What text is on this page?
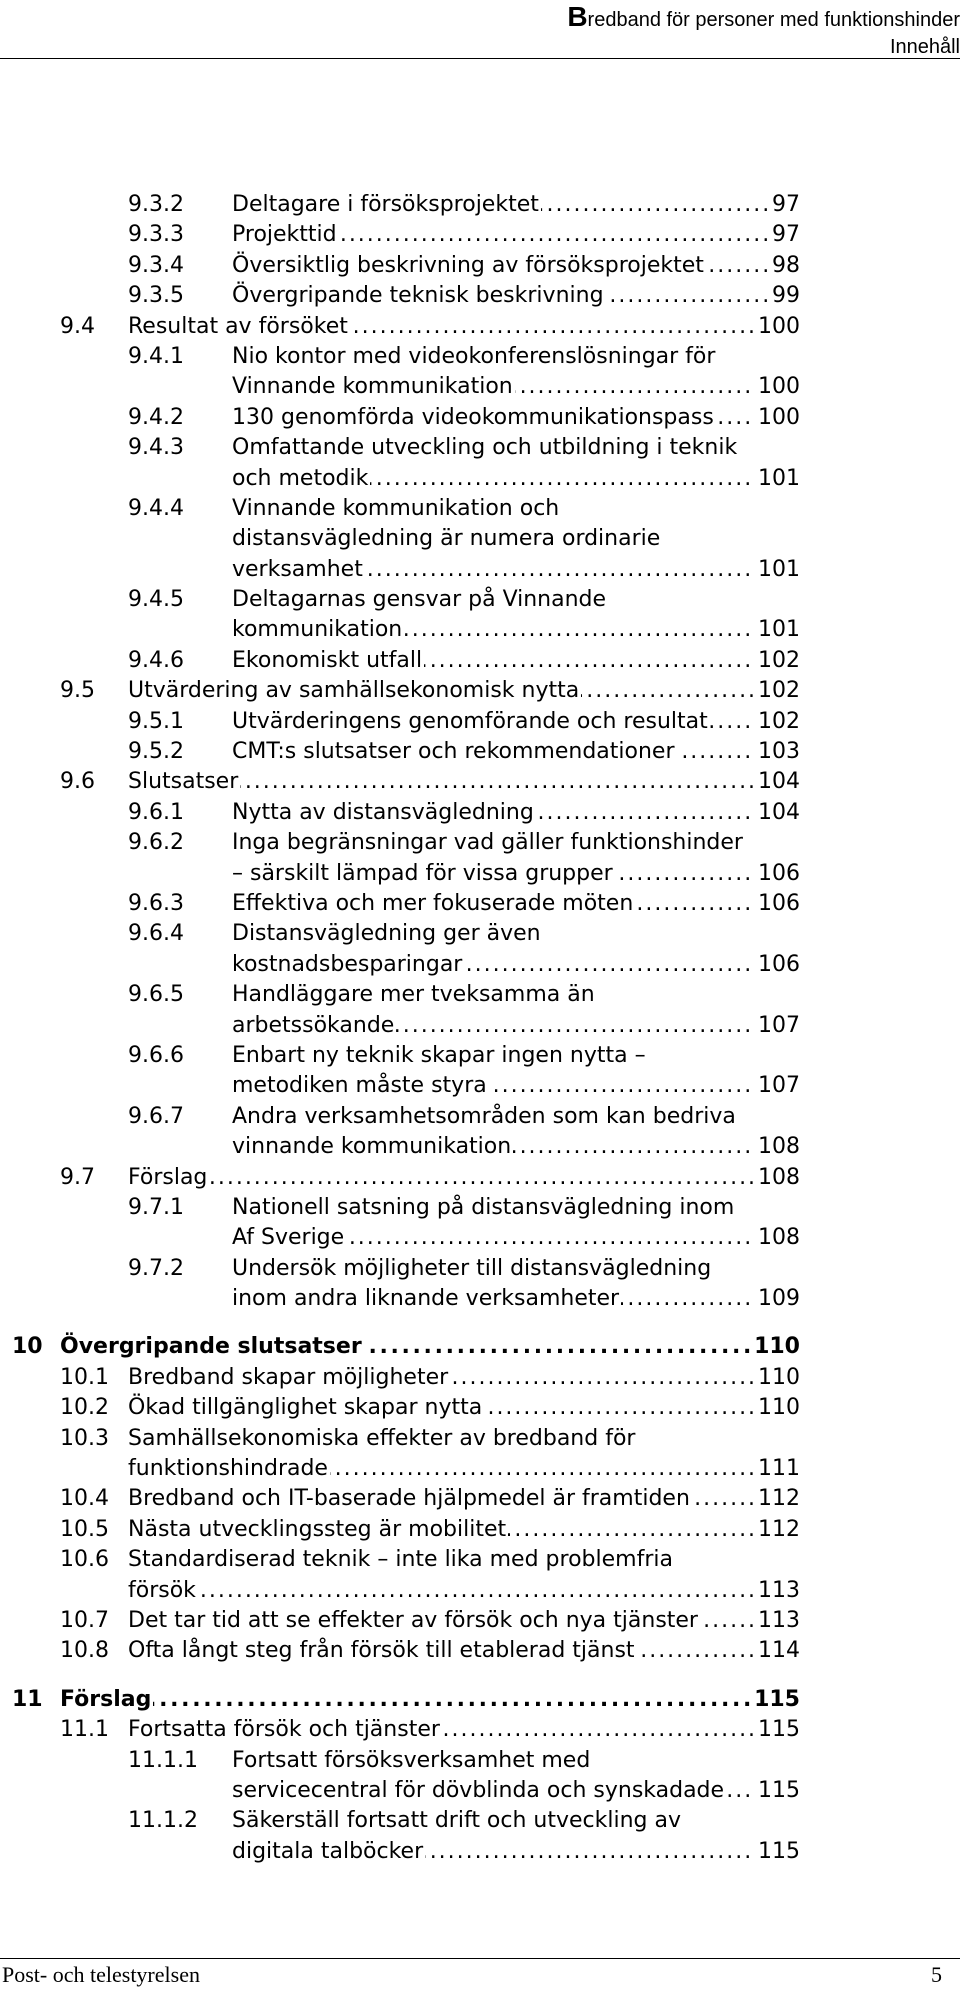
Bredband för personer med funktionshinder
Innehåll
9.3.2 Deltagare i försöksprojektet . . .	97
9.3.3 Projekttid . . .	97
9.3.4 Översiktlig beskrivning av försöksprojektet . . .	98
9.3.5 Övergripande teknisk beskrivning . . .	99
9.4 Resultat av försöket . . .	100
9.4.1 Nio kontor med videokonferenslösningar för
Vinnande kommunikation . . .	100
9.4.2 130 genomförda videokommunikationspass . . .	100
9.4.3 Omfattande utveckling och utbildning i teknik
och metodik . . .	101
9.4.4 Vinnande kommunikation och
distansvägledning är numera ordinarie
verksamhet . . .	101
9.4.5 Deltagarnas gensvar på Vinnande
kommunikation . . .	101
9.4.6 Ekonomiskt utfall . . .	102
9.5 Utvärdering av samhällsekonomisk nytta . . .	102
9.5.1 Utvärderingens genomförande och resultat . . .	102
9.5.2 CMT:s slutsatser och rekommendationer . . .	103
9.6 Slutsatser . . .	104
9.6.1 Nytta av distansvägledning . . .	104
9.6.2 Inga begränsningar vad gäller funktionshinder
– särskilt lämpad för vissa grupper . . .	106
9.6.3 Effektiva och mer fokuserade möten . . .	106
9.6.4 Distansvägledning ger även
kostnadsbesparingar . . .	106
9.6.5 Handläggare mer tveksamma än
arbetssökande . . .	107
9.6.6 Enbart ny teknik skapar ingen nytta –
metodiken måste styra . . .	107
9.6.7 Andra verksamhetsområden som kan bedriva
vinnande kommunikation . . .	108
9.7 Förslag . . .	108
9.7.1 Nationell satsning på distansvägledning inom
Af Sverige . . .	108
9.7.2 Undersök möjligheter till distansvägledning
inom andra liknande verksamheter . . .	109
10 Övergripande slutsatser . . .	110
10.1 Bredband skapar möjligheter . . .	110
10.2 Ökad tillgänglighet skapar nytta . . .	110
10.3 Samhällsekonomiska effekter av bredband för
funktionshindrade . . .	111
10.4 Bredband och IT-baserade hjälpmedel är framtiden . . .	112
10.5 Nästa utvecklingssteg är mobilitet . . .	112
10.6 Standardiserad teknik – inte lika med problemfria
försök . . .	113
10.7 Det tar tid att se effekter av försök och nya tjänster . . .	113
10.8 Ofta långt steg från försök till etablerad tjänst . . .	114
11 Förslag . . .	115
11.1 Fortsatta försök och tjänster . . .	115
11.1.1 Fortsatt försöksverksamhet med
servicecentral för dövblinda och synskadade . . .	115
11.1.2 Säkerställ fortsatt drift och utveckling av
digitala talböcker . . .	115
Post- och telestyrelsen	5
